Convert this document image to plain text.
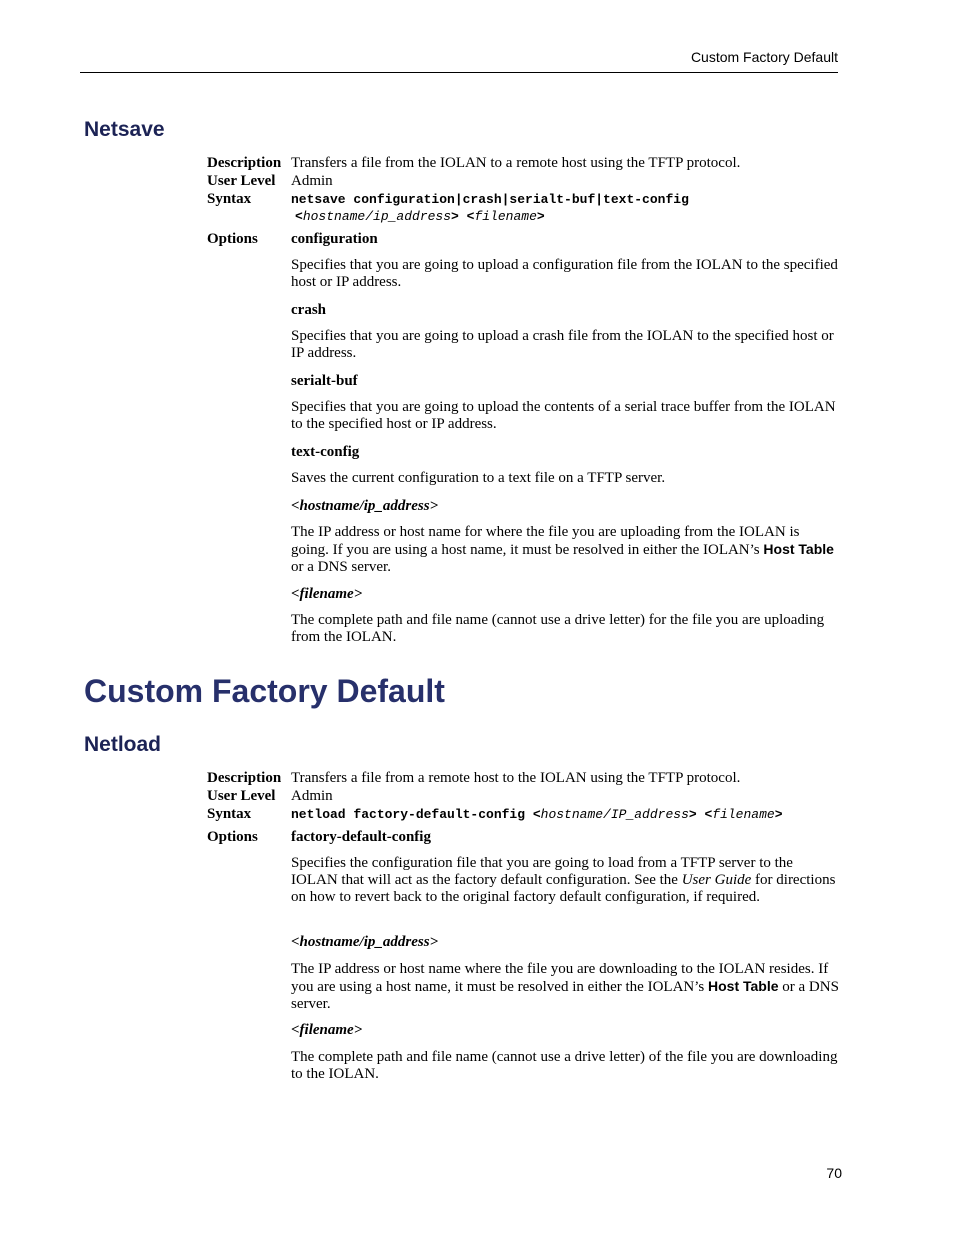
Custom Factory Default
Netsave
Description Transfers a file from the IOLAN to a remote host using the TFTP protocol.
User Level Admin
Syntax	netsave configuration|crash|serialt-buf|text-config
<hostname/ip_address> <filename>
Options configuration
Specifies that you are going to upload a configuration file from the IOLAN to the specified host or IP address.
crash
Specifies that you are going to upload a crash file from the IOLAN to the specified host or IP address.
serialt-buf
Specifies that you are going to upload the contents of a serial trace buffer from the IOLAN to the specified host or IP address.
text-config
Saves the current configuration to a text file on a TFTP server.
<hostname/ip_address>
The IP address or host name for where the file you are uploading from the IOLAN is going. If you are using a host name, it must be resolved in either the IOLAN’s Host Table or a DNS server.
<filename>
The complete path and file name (cannot use a drive letter) for the file you are uploading from the IOLAN.
Custom Factory Default
Netload
Description Transfers a file from a remote host to the IOLAN using the TFTP protocol.
User Level Admin
Syntax	netload factory-default-config <hostname/IP_address> <filename>
Options factory-default-config
Specifies the configuration file that you are going to load from a TFTP server to the IOLAN that will act as the factory default configuration. See the User Guide for directions on how to revert back to the original factory default configuration, if required.
<hostname/ip_address>
The IP address or host name where the file you are downloading to the IOLAN resides. If you are using a host name, it must be resolved in either the IOLAN’s Host Table or a DNS server.
<filename>
The complete path and file name (cannot use a drive letter) of the file you are downloading to the IOLAN.
70
